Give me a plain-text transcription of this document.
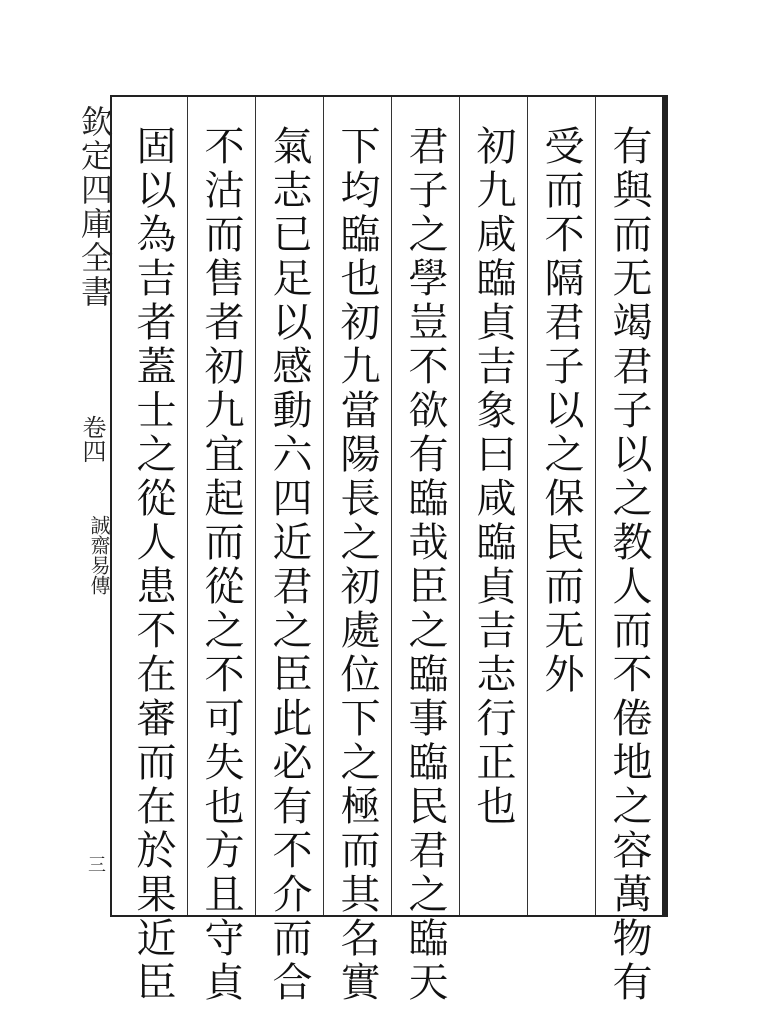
欽定四庫全書
卷四
誠齋易傳
三	有與而无竭君子以之教人而不倦地之容萬物有
受而不隔君子以之保民而无外
初九咸臨貞吉象曰咸臨貞吉志行正也
君子之學豈不欲有臨哉臣之臨事臨民君之臨天
下均臨也初九當陽長之初處位下之極而其名實
氣志已足以感動六四近君之臣此必有不介而合
不沽而售者初九宜起而從之不可失也方且守貞
固以為吉者蓋士之從人患不在審而在於果近臣
